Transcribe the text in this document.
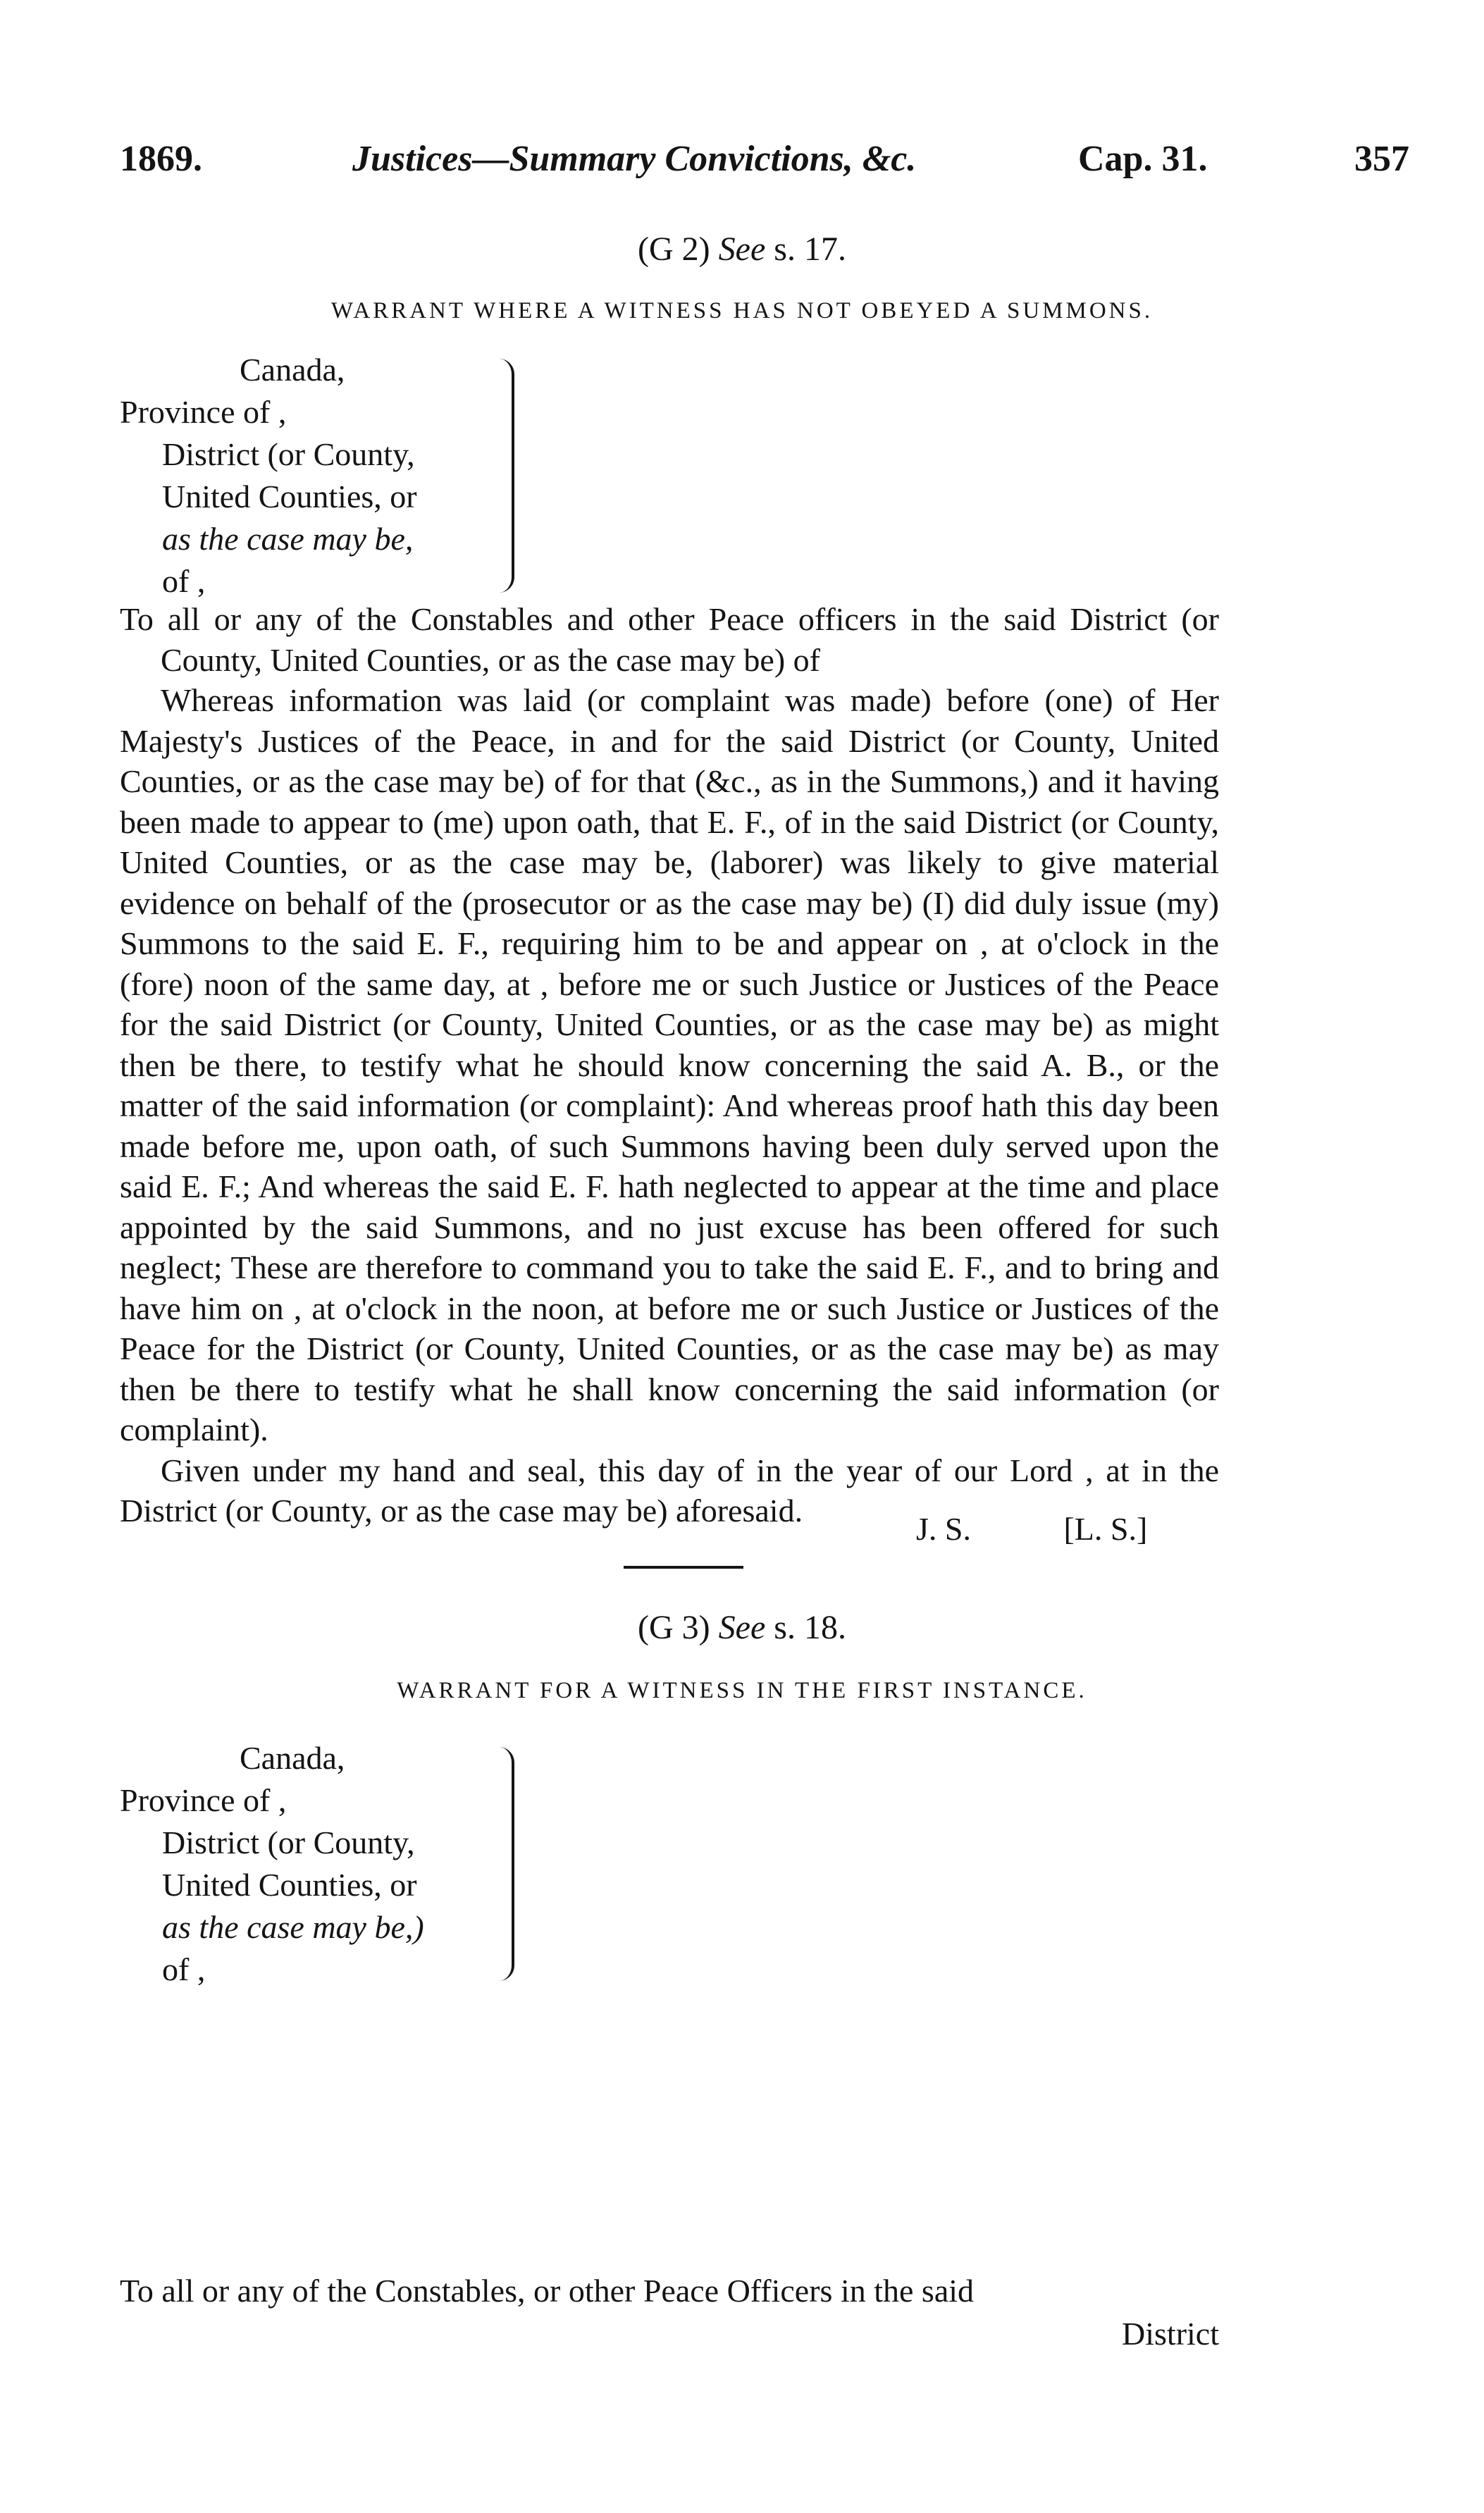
1869.	Justices—Summary Convictions, &c.	Cap. 31.	357
(G 2) See s. 17.
WARRANT WHERE A WITNESS HAS NOT OBEYED A SUMMONS.
Canada,
Province of ,
District (or County,
United Counties, or
as the case may be,
of ,

To all or any of the Constables and other Peace officers in the said District (or County, United Counties, or as the case may be) of

Whereas information was laid (or complaint was made) before (one) of Her Majesty's Justices of the Peace, in and for the said District (or County, United Counties, or as the case may be) of for that (&c., as in the Summons,) and it having been made to appear to (me) upon oath, that E. F., of in the said District (or County, United Counties, or as the case may be, (laborer) was likely to give material evidence on behalf of the (prosecutor or as the case may be) (I) did duly issue (my) Summons to the said E. F., requiring him to be and appear on , at o'clock in the (fore) noon of the same day, at , before me or such Justice or Justices of the Peace for the said District (or County, United Counties, or as the case may be) as might then be there, to testify what he should know concerning the said A. B., or the matter of the said information (or complaint): And whereas proof hath this day been made before me, upon oath, of such Summons having been duly served upon the said E. F.; And whereas the said E. F. hath neglected to appear at the time and place appointed by the said Summons, and no just excuse has been offered for such neglect; These are therefore to command you to take the said E. F., and to bring and have him on , at o'clock in the noon, at before me or such Justice or Justices of the Peace for the District (or County, United Counties, or as the case may be) as may then be there to testify what he shall know concerning the said information (or complaint).

Given under my hand and seal, this day of in the year of our Lord , at in the District (or County, or as the case may be) aforesaid.

J. S.	[L. S.]
(G 3) See s. 18.
WARRANT FOR A WITNESS IN THE FIRST INSTANCE.
Canada,
Province of ,
District (or County,
United Counties, or
as the case may be,)
of ,

To all or any of the Constables, or other Peace Officers in the said

District
